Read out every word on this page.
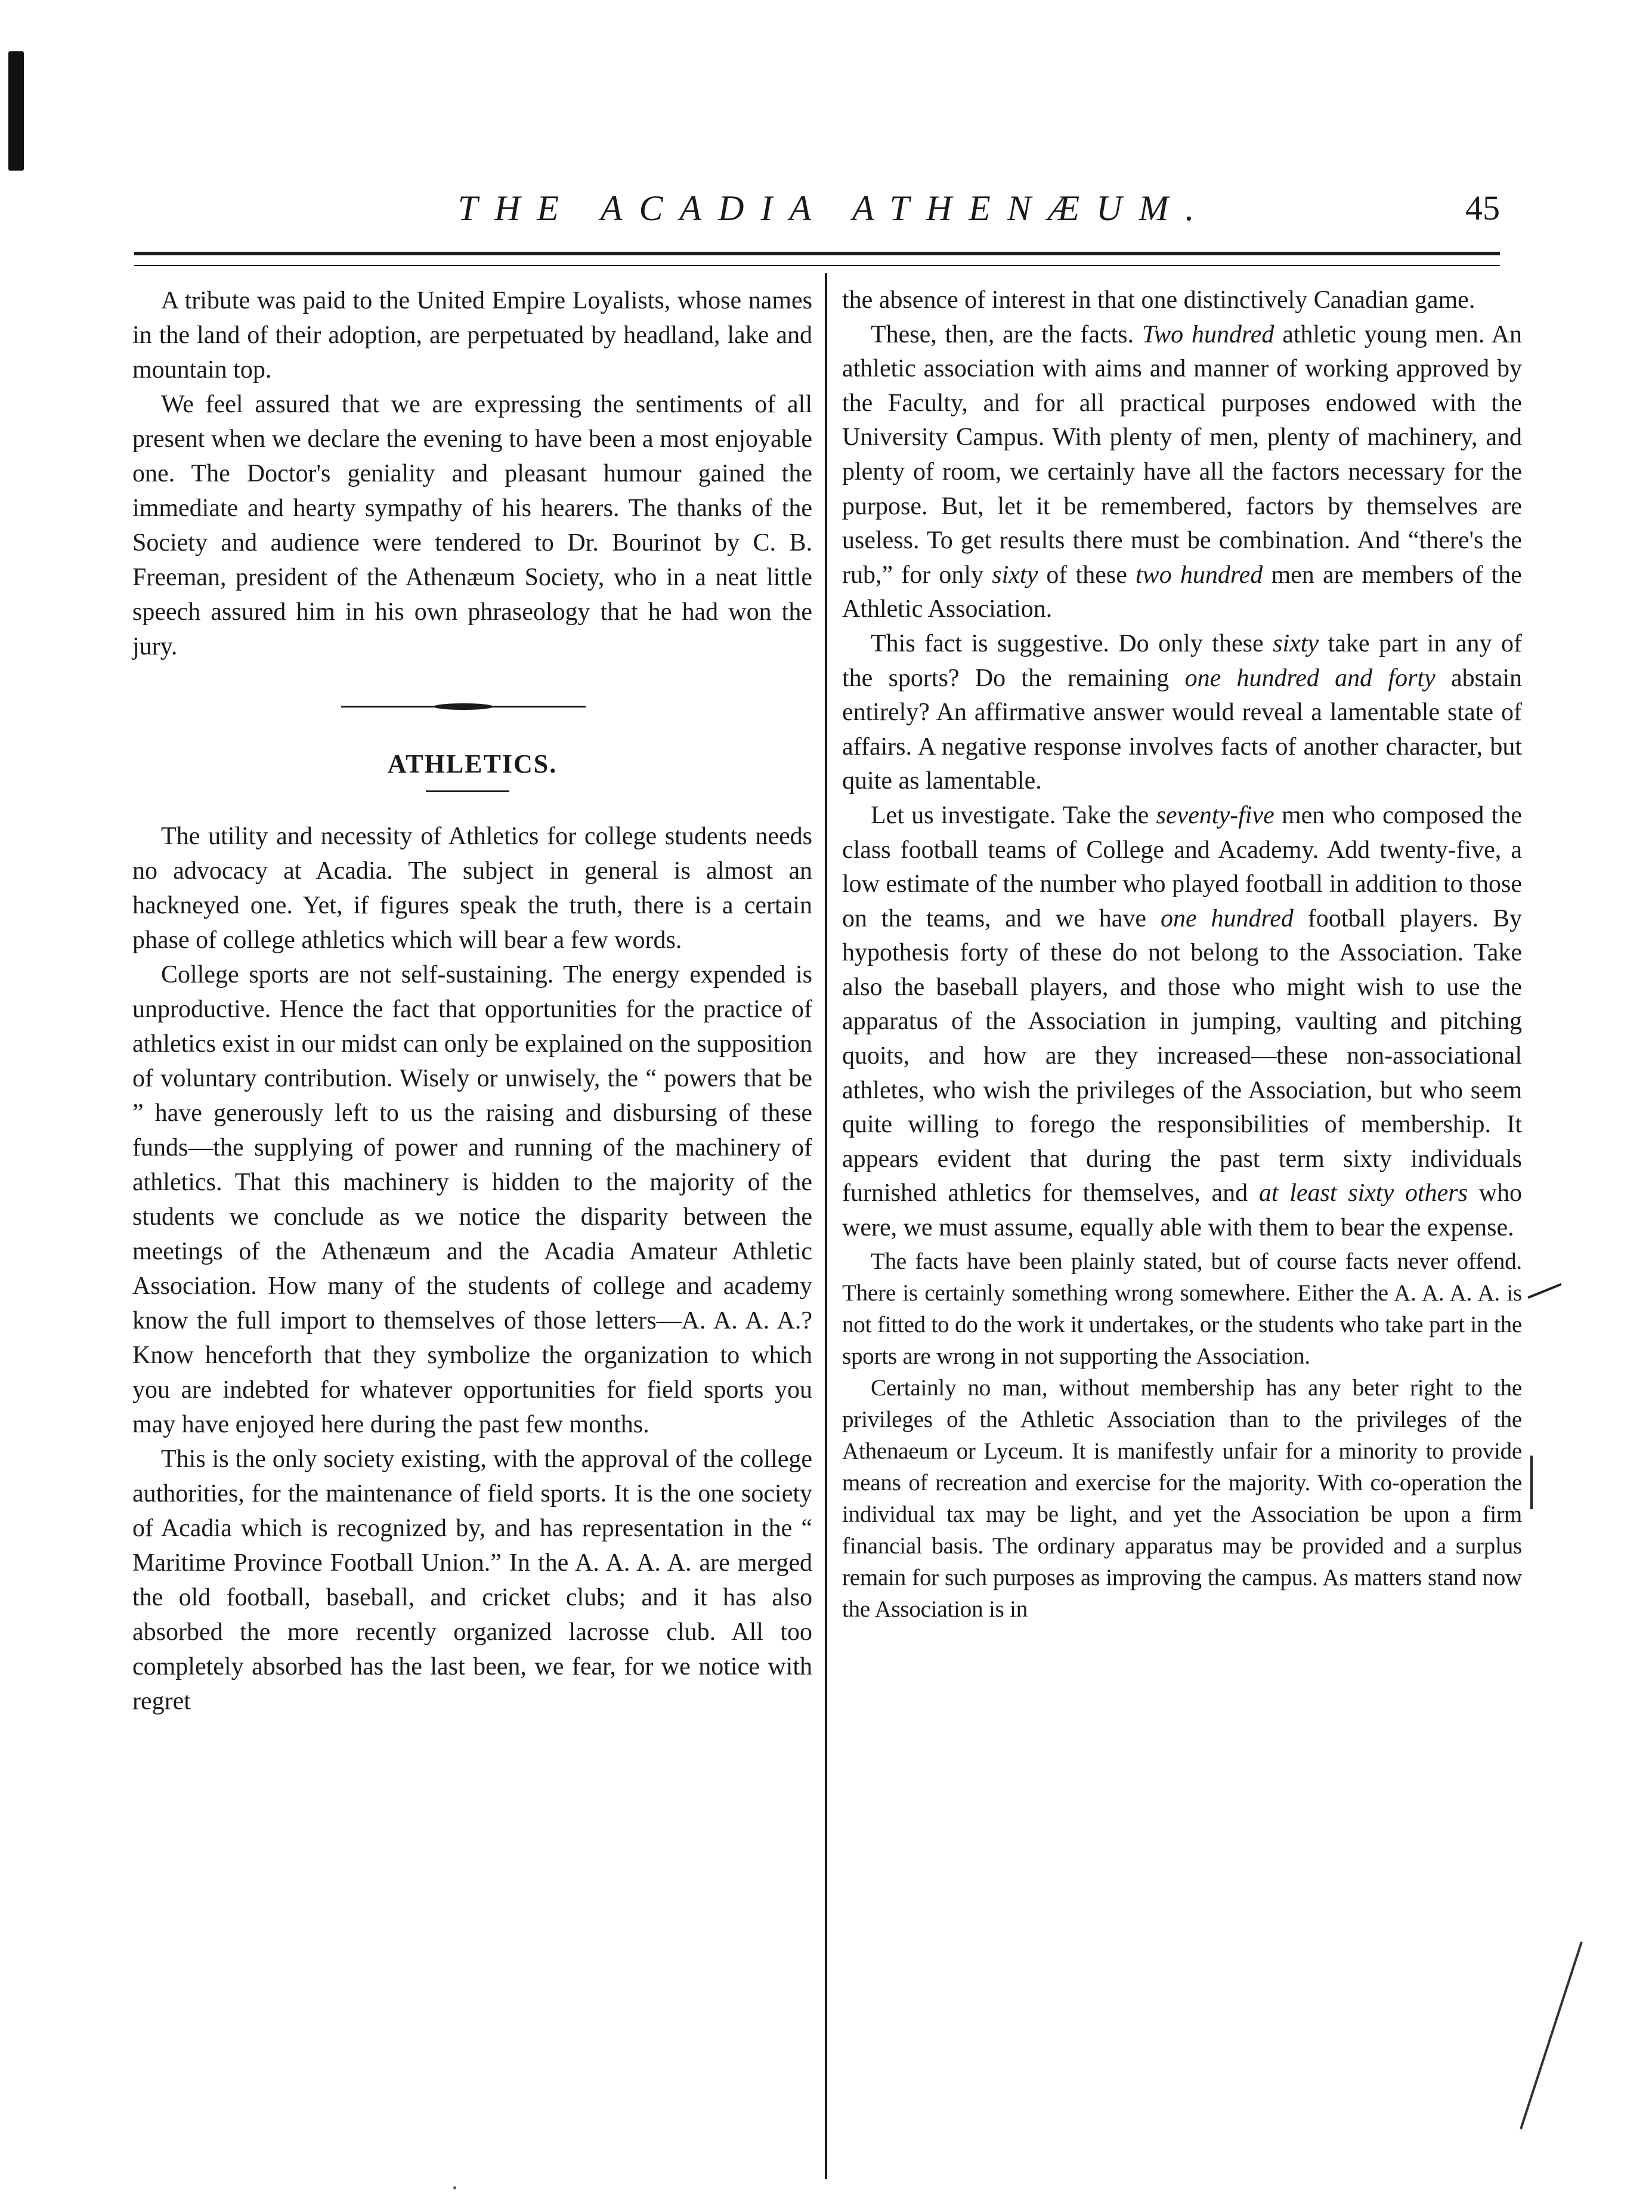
THE ACADIA ATHENÆUM.	45

A tribute was paid to the United Empire Loyalists, whose names in the land of their adoption, are perpetuated by headland, lake and mountain top.

We feel assured that we are expressing the sentiments of all present when we declare the evening to have been a most enjoyable one. The Doctor's geniality and pleasant humour gained the immediate and hearty sympathy of his hearers. The thanks of the Society and audience were tendered to Dr. Bourinot by C. B. Freeman, president of the Athenæum Society, who in a neat little speech assured him in his own phraseology that he had won the jury.

ATHLETICS.

The utility and necessity of Athletics for college students needs no advocacy at Acadia. The subject in general is almost an hackneyed one. Yet, if figures speak the truth, there is a certain phase of college athletics which will bear a few words.

College sports are not self-sustaining. The energy expended is unproductive. Hence the fact that opportunities for the practice of athletics exist in our midst can only be explained on the supposition of voluntary contribution. Wisely or unwisely, the “ powers that be ” have generously left to us the raising and disbursing of these funds—the supplying of power and running of the machinery of athletics. That this machinery is hidden to the majority of the students we conclude as we notice the disparity between the meetings of the Athenæum and the Acadia Amateur Athletic Association. How many of the students of college and academy know the full import to themselves of those letters—A. A. A. A.? Know henceforth that they symbolize the organization to which you are indebted for whatever opportunities for field sports you may have enjoyed here during the past few months.

This is the only society existing, with the approval of the college authorities, for the maintenance of field sports. It is the one society of Acadia which is recognized by, and has representation in the “ Maritime Province Football Union.” In the A. A. A. A. are merged the old football, baseball, and cricket clubs; and it has also absorbed the more recently organized lacrosse club. All too completely absorbed has the last been, we fear, for we notice with regret

the absence of interest in that one distinctively Canadian game.

These, then, are the facts. Two hundred athletic young men. An athletic association with aims and manner of working approved by the Faculty, and for all practical purposes endowed with the University Campus. With plenty of men, plenty of machinery, and plenty of room, we certainly have all the factors necessary for the purpose. But, let it be remembered, factors by themselves are useless. To get results there must be combination. And “there's the rub,” for only sixty of these two hundred men are members of the Athletic Association.

This fact is suggestive. Do only these sixty take part in any of the sports? Do the remaining one hundred and forty abstain entirely? An affirmative answer would reveal a lamentable state of affairs. A negative response involves facts of another character, but quite as lamentable.

Let us investigate. Take the seventy-five men who composed the class football teams of College and Academy. Add twenty-five, a low estimate of the number who played football in addition to those on the teams, and we have one hundred football players. By hypothesis forty of these do not belong to the Association. Take also the baseball players, and those who might wish to use the apparatus of the Association in jumping, vaulting and pitching quoits, and how are they increased—these non-associational athletes, who wish the privileges of the Association, but who seem quite willing to forego the responsibilities of membership. It appears evident that during the past term sixty individuals furnished athletics for themselves, and at least sixty others who were, we must assume, equally able with them to bear the expense.

The facts have been plainly stated, but of course facts never offend. There is certainly something wrong somewhere. Either the A. A. A. A. is not fitted to do the work it undertakes, or the students who take part in the sports are wrong in not supporting the Association.

Certainly no man, without membership has any beter right to the privileges of the Athletic Association than to the privileges of the Athenaeum or Lyceum. It is manifestly unfair for a minority to provide means of recreation and exercise for the majority. With co-operation the individual tax may be light, and yet the Association be upon a firm financial basis. The ordinary apparatus may be provided and a surplus remain for such purposes as improving the campus. As matters stand now the Association is in
